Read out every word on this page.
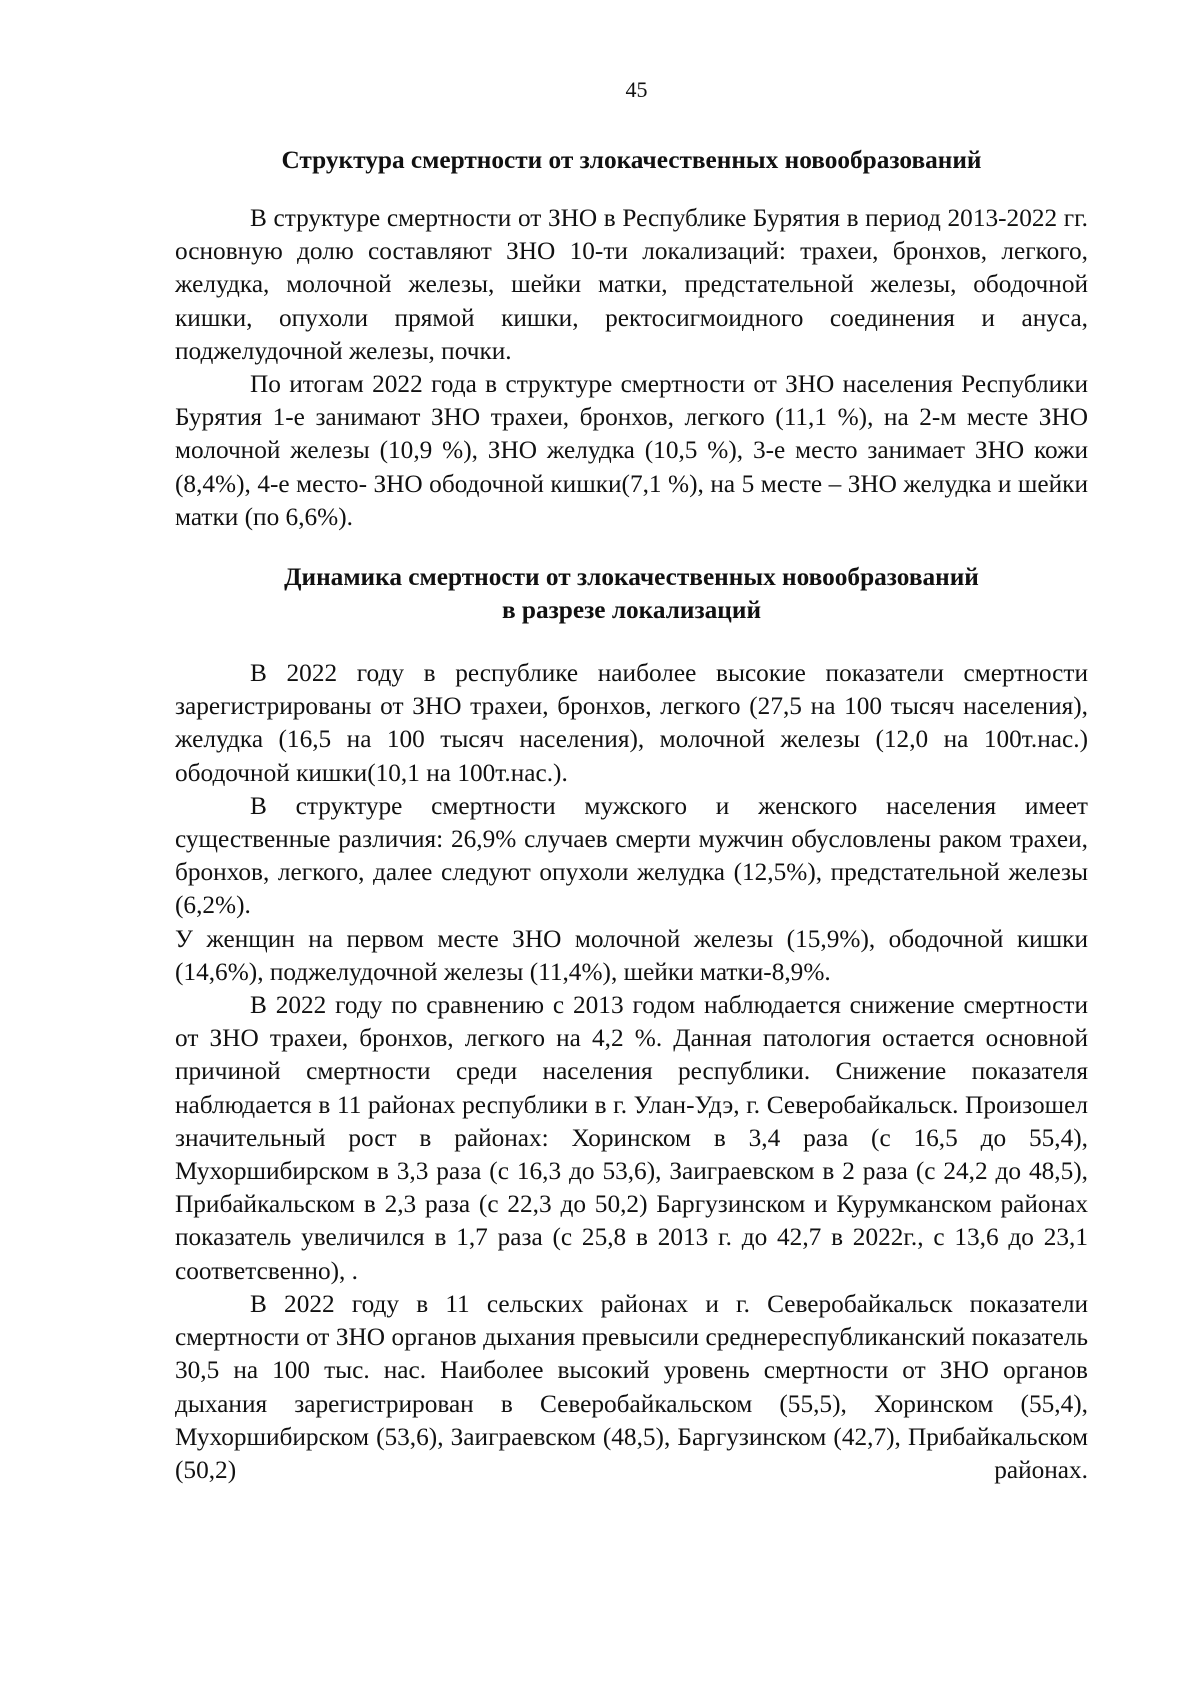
45
Структура смертности от злокачественных новообразований

В структуре смертности от ЗНО в Республике Бурятия в период 2013-2022 гг. основную долю составляют ЗНО 10-ти локализаций: трахеи, бронхов, легкого, желудка, молочной железы, шейки матки, предстательной железы, ободочной кишки, опухоли прямой кишки, ректосигмоидного соединения и ануса, поджелудочной железы, почки.

По итогам 2022 года в структуре смертности от ЗНО населения Республики Бурятия 1-е занимают ЗНО трахеи, бронхов, легкого (11,1 %), на 2-м месте ЗНО молочной железы (10,9 %), ЗНО желудка (10,5 %), 3-е место занимает ЗНО кожи (8,4%), 4-е место- ЗНО ободочной кишки(7,1 %), на 5 месте – ЗНО желудка и шейки матки (по 6,6%).

Динамика смертности от злокачественных новообразований
в разрезе локализаций

В 2022 году в республике наиболее высокие показатели смертности зарегистрированы от ЗНО трахеи, бронхов, легкого (27,5 на 100 тысяч населения), желудка (16,5 на 100 тысяч населения), молочной железы (12,0 на 100т.нас.) ободочной кишки(10,1 на 100т.нас.).

В структуре смертности мужского и женского населения имеет существенные различия: 26,9% случаев смерти мужчин обусловлены раком трахеи, бронхов, легкого, далее следуют опухоли желудка (12,5%), предстательной железы (6,2%).

У женщин на первом месте ЗНО молочной железы (15,9%), ободочной кишки (14,6%), поджелудочной железы (11,4%), шейки матки-8,9%.

В 2022 году по сравнению с 2013 годом наблюдается снижение смертности от ЗНО трахеи, бронхов, легкого на 4,2 %. Данная патология остается основной причиной смертности среди населения республики. Снижение показателя наблюдается в 11 районах республики в г. Улан-Удэ, г. Северобайкальск. Произошел значительный рост в районах: Хоринском в 3,4 раза (с 16,5 до 55,4), Мухоршибирском в 3,3 раза (с 16,3 до 53,6), Заиграевском в 2 раза (с 24,2 до 48,5), Прибайкальском в 2,3 раза (с 22,3 до 50,2) Баргузинском и Курумканском районах показатель увеличился в 1,7 раза (с 25,8 в 2013 г. до 42,7 в 2022г., с 13,6 до 23,1 соответсвенно), .

В 2022 году в 11 сельских районах и г. Северобайкальск показатели смертности от ЗНО органов дыхания превысили среднереспубликанский показатель 30,5 на 100 тыс. нас. Наиболее высокий уровень смертности от ЗНО органов дыхания зарегистрирован в Северобайкальском (55,5), Хоринском (55,4), Мухоршибирском (53,6), Заиграевском (48,5), Баргузинском (42,7), Прибайкальском (50,2) районах.
